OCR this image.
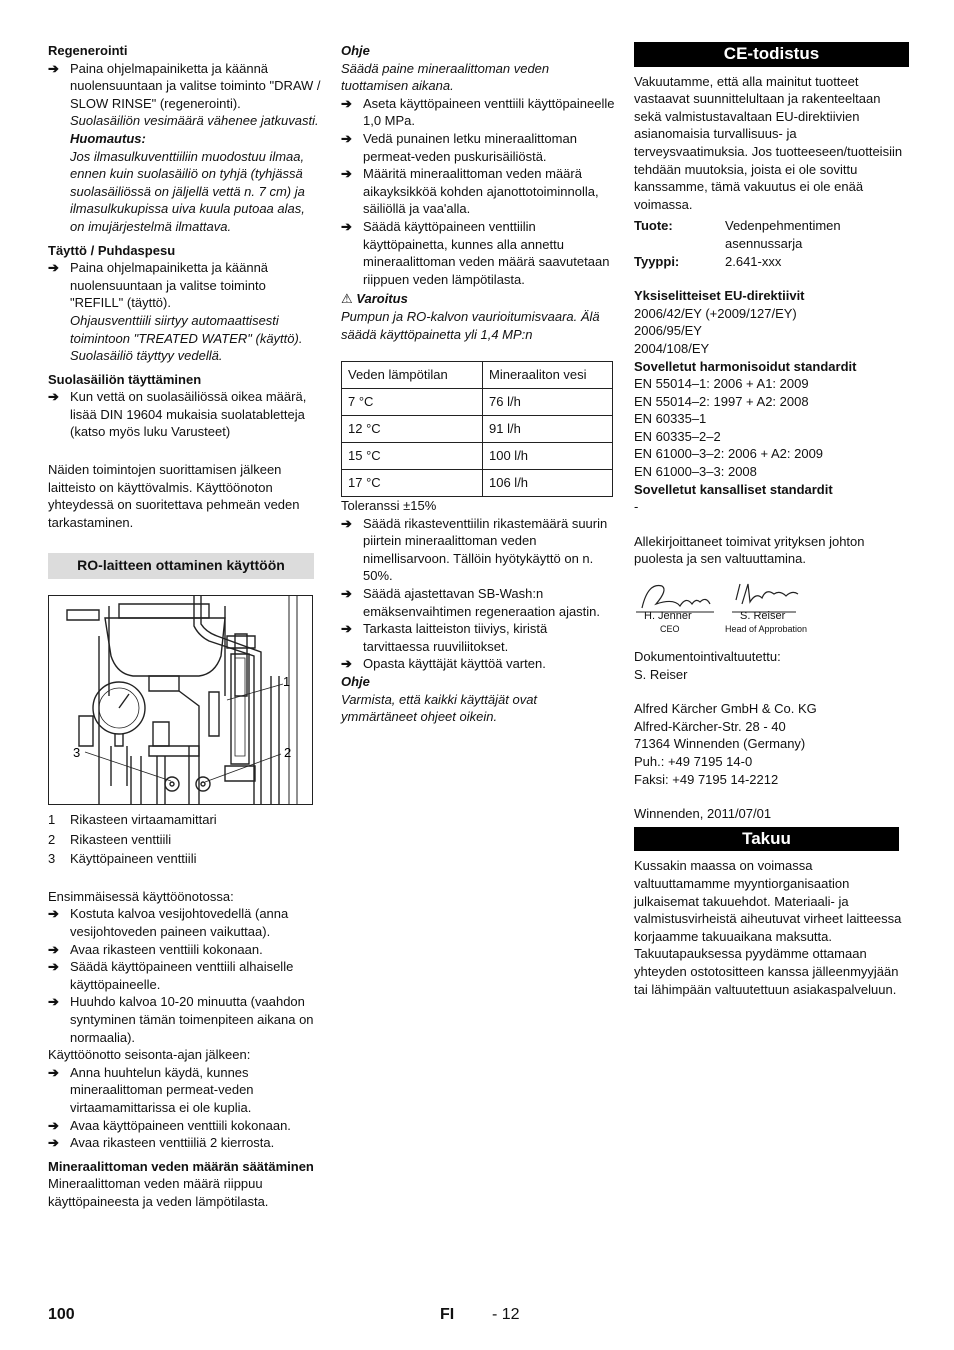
Regenerointi

➔ Paina ohjelmapainiketta ja käännä nuolensuuntaan ja valitse toiminto "DRAW / SLOW RINSE" (regenerointi).

Suolasäiliön vesimäärä vähenee jatkuvasti.

Huomautus:

Jos ilmasulkuventtiiliin muodostuu ilmaa, ennen kuin suolasäiliö on tyhjä (tyhjässä suolasäiliössä on jäljellä vettä n. 7 cm) ja ilmasulkukupissa uiva kuula putoaa alas, on imujärjestelmä ilmattava.

Täyttö / Puhdaspesu

➔ Paina ohjelmapainiketta ja käännä nuolensuuntaan ja valitse toiminto "REFILL" (täyttö).

Ohjausventtiili siirtyy automaattisesti toimintoon "TREATED WATER" (käyttö). Suolasäiliö täyttyy vedellä.

Suolasäiliön täyttäminen

➔ Kun vettä on suolasäiliössä oikea määrä, lisää DIN 19604 mukaisia suolatabletteja (katso myös luku Varusteet)

Näiden toimintojen suorittamisen jälkeen laitteisto on käyttövalmis. Käyttöönoton yhteydessä on suoritettava pehmeän veden tarkastaminen.

RO-laitteen ottaminen käyttöön
1
2
3

1 Rikasteen virtaamamittari

2 Rikasteen venttiili

3 Käyttöpaineen venttiili

Ensimmäisessä käyttöönotossa:

➔ Kostuta kalvoa vesijohtovedellä (anna vesijohtoveden paineen vaikuttaa).
➔ Avaa rikasteen venttiili kokonaan.
➔ Säädä käyttöpaineen venttiili alhaiselle käyttöpaineelle.
➔ Huuhdo kalvoa 10-20 minuutta (vaahdon syntyminen tämän toimenpiteen aikana on normaalia).

Käyttöönotto seisonta-ajan jälkeen:

➔ Anna huuhtelun käydä, kunnes mineraalittoman permeat-veden virtaamamittarissa ei ole kuplia.
➔ Avaa käyttöpaineen venttiili kokonaan.
➔ Avaa rikasteen venttiiliä 2 kierrosta.

Mineraalittoman veden määrän säätäminen

Mineraalittoman veden määrä riippuu käyttöpaineesta ja veden lämpötilasta.

Ohje

Säädä paine mineraalittoman veden tuottamisen aikana.

➔ Aseta käyttöpaineen venttiili käyttöpaineelle 1,0 MPa.
➔ Vedä punainen letku mineraalittoman permeat-veden puskurisäiliöstä.
➔ Määritä mineraalittoman veden määrä aikayksikköä kohden ajanottotoiminnolla, säiliöllä ja vaa'alla.
➔ Säädä käyttöpaineen venttiilin käyttöpainetta, kunnes alla annettu mineraalittoman veden määrä saavutetaan riippuen veden lämpötilasta.

⚠ Varoitus

Pumpun ja RO-kalvon vaurioitumisvaara. Älä säädä käyttöpainetta yli 1,4 MP:n

Veden lämpötilan	Mineraaliton vesi
7 °C	76 l/h
12 °C	91 l/h
15 °C	100 l/h
17 °C	106 l/h

Toleranssi ±15%

➔ Säädä rikasteventtiilin rikastemäärä suurin piirtein mineraalittoman veden nimellisarvoon. Tällöin hyötykäyttö on n. 50%.
➔ Säädä ajastettavan SB-Wash:n emäksenvaihtimen regeneraation ajastin.
➔ Tarkasta laitteiston tiiviys, kiristä tarvittaessa ruuviliitokset.
➔ Opasta käyttäjät käyttöä varten.

Ohje

Varmista, että kaikki käyttäjät ovat ymmärtäneet ohjeet oikein.

CE-todistus

Vakuutamme, että alla mainitut tuotteet vastaavat suunnittelultaan ja rakenteeltaan sekä valmistustavaltaan EU-direktiivien asianomaisia turvallisuus- ja terveysvaatimuksia. Jos tuotteeseen/tuotteisiin tehdään muutoksia, joista ei ole sovittu kanssamme, tämä vakuutus ei ole enää voimassa.

Tuote:	Vedenpehmentimen asennussarja
Tyyppi:	2.641-xxx

Yksiselitteiset EU-direktiivit

2006/42/EY (+2009/127/EY)

2006/95/EY

2004/108/EY

Sovelletut harmonisoidut standardit

EN 55014–1: 2006 + A1: 2009

EN 55014–2: 1997 + A2: 2008

EN 60335–1

EN 60335–2–2

EN 61000–3–2: 2006 + A2: 2009

EN 61000–3–3: 2008

Sovelletut kansalliset standardit

-

Allekirjoittaneet toimivat yrityksen johton puolesta ja sen valtuuttamina.

H. Jenner
CEO
S. Reiser
Head of Approbation

Dokumentointivaltuutettu:

S. Reiser

Alfred Kärcher GmbH & Co. KG

Alfred-Kärcher-Str. 28 - 40

71364 Winnenden (Germany)

Puh.: +49 7195 14-0

Faksi: +49 7195 14-2212

Winnenden, 2011/07/01

Takuu

Kussakin maassa on voimassa valtuuttamamme myyntiorganisaation julkaisemat takuuehdot. Materiaali- ja valmistusvirheistä aiheutuvat virheet laitteessa korjaamme takuuaikana maksutta. Takuutapauksessa pyydämme ottamaan yhteyden ostotositteen kanssa jälleenmyyjään tai lähimpään valtuutettuun asiakaspalveluun.

100	FI - 12
